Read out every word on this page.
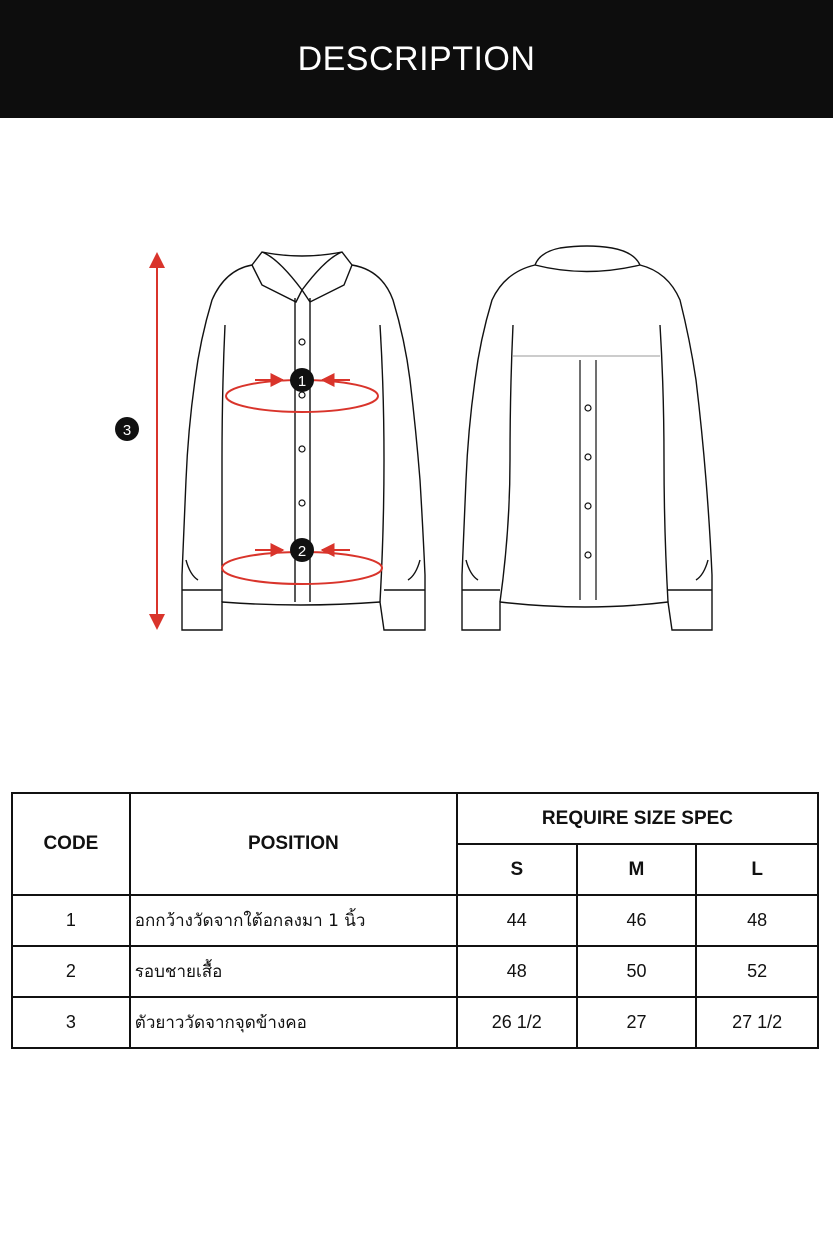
DESCRIPTION
3
1
2
CODE	POSITION	REQUIRE SIZE SPEC		
		S	M	L
1	อกกว้างวัดจากใต้อกลงมา 1 นิ้ว	44	46	48
2	รอบชายเสื้อ	48	50	52
3	ตัวยาววัดจากจุดข้างคอ	26 1/2	27	27 1/2
